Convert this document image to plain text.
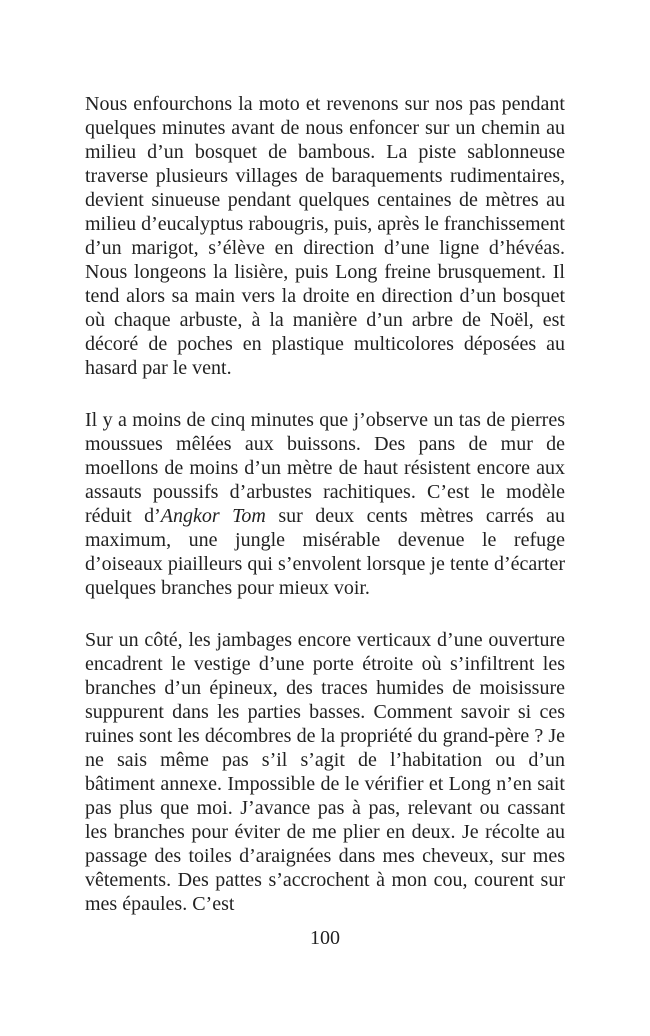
Nous enfourchons la moto et revenons sur nos pas pendant quelques minutes avant de nous enfoncer sur un chemin au milieu d’un bosquet de bambous. La piste sablonneuse traverse plusieurs villages de baraquements rudimentaires, devient sinueuse pendant quelques centaines de mètres au milieu d’eucalyptus rabougris, puis, après le franchissement d’un marigot, s’élève en direction d’une ligne d’hévéas. Nous longeons la lisière, puis Long freine brusquement. Il tend alors sa main vers la droite en direction d’un bosquet où chaque arbuste, à la manière d’un arbre de Noël, est décoré de poches en plastique multicolores déposées au hasard par le vent.

Il y a moins de cinq minutes que j’observe un tas de pierres moussues mêlées aux buissons. Des pans de mur de moellons de moins d’un mètre de haut résistent encore aux assauts poussifs d’arbustes rachitiques. C’est le modèle réduit d’Angkor Tom sur deux cents mètres carrés au maximum, une jungle misérable devenue le refuge d’oiseaux piailleurs qui s’envolent lorsque je tente d’écarter quelques branches pour mieux voir.

Sur un côté, les jambages encore verticaux d’une ouverture encadrent le vestige d’une porte étroite où s’infiltrent les branches d’un épineux, des traces humides de moisissure suppurent dans les parties basses. Comment savoir si ces ruines sont les décombres de la propriété du grand-père ? Je ne sais même pas s’il s’agit de l’habitation ou d’un bâtiment annexe. Impossible de le vérifier et Long n’en sait pas plus que moi. J’avance pas à pas, relevant ou cassant les branches pour éviter de me plier en deux. Je récolte au passage des toiles d’araignées dans mes cheveux, sur mes vêtements. Des pattes s’accrochent à mon cou, courent sur mes épaules. C’est

100
